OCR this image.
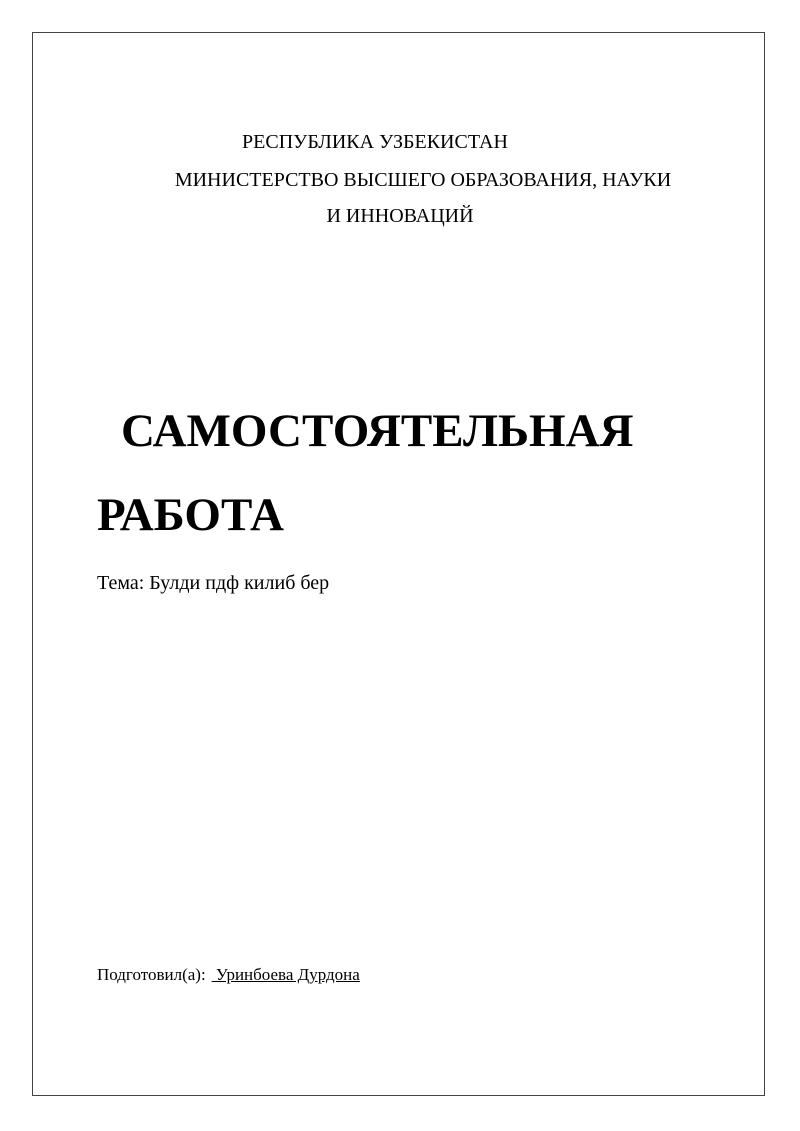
РЕСПУБЛИКА УЗБЕКИСТАН
МИНИСТЕРСТВО ВЫСШЕГО ОБРАЗОВАНИЯ, НАУКИ
И ИННОВАЦИЙ
САМОСТОЯТЕЛЬНАЯ
РАБОТА
Тема: Булди пдф килиб бер
Подготовил(а): Уринбоева Дурдона
